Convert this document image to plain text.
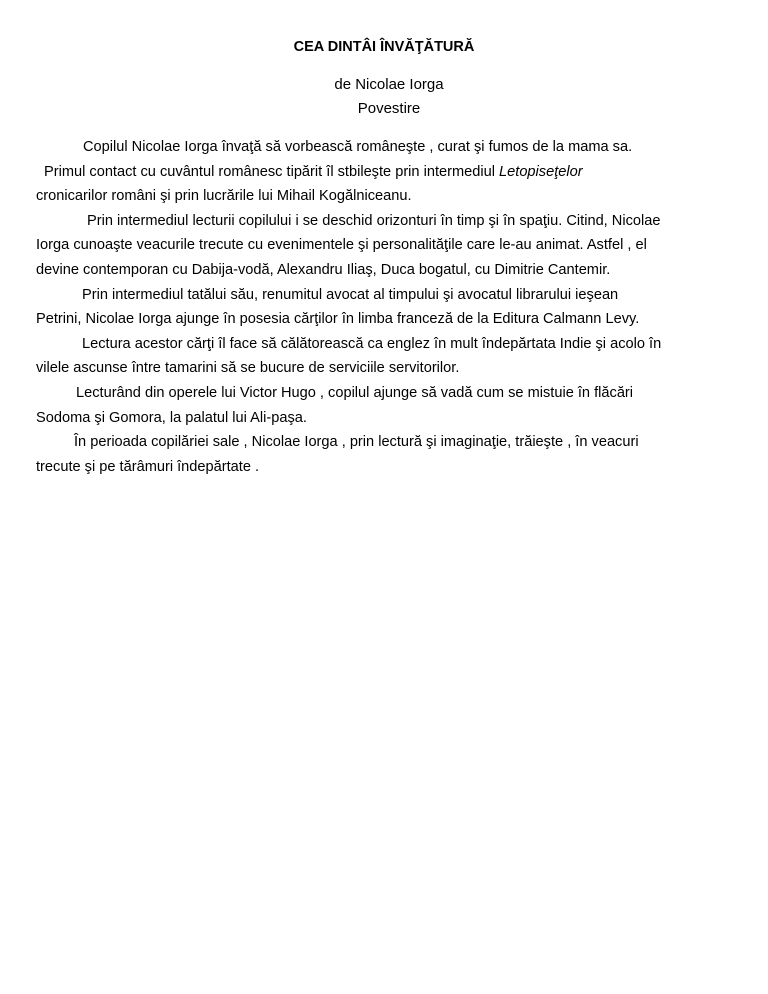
CEA DINTÂI ÎNVĂŢĂTURĂ
de Nicolae Iorga
Povestire
Copilul Nicolae Iorga învaţă să vorbească româneşte , curat şi fumos de la mama sa.
Primul contact cu cuvântul românesc tipărit îl stbileşte prin intermediul Letopiseţelor
cronicarilor români şi prin lucrările lui Mihail Kogălniceanu.
Prin intermediul lecturii copilului i se deschid orizonturi în timp şi în spaţiu. Citind, Nicolae
Iorga cunoaşte veacurile trecute cu evenimentele şi personalităţile care le-au animat. Astfel , el
devine contemporan cu Dabija-vodă, Alexandru Iliaş, Duca bogatul, cu Dimitrie Cantemir.
Prin intermediul tatălui său, renumitul avocat al timpului şi avocatul librarului ieşean
Petrini, Nicolae Iorga ajunge în posesia cărţilor în limba franceză de la Editura Calmann Levy.
Lectura acestor cărţi îl face să călătorească ca englez în mult îndepărtata Indie şi acolo în
vilele ascunse între tamarini să se bucure de serviciile servitorilor.
Lecturând din operele lui Victor Hugo , copilul ajunge să vadă cum se mistuie în flăcări
Sodoma şi Gomora, la palatul lui Ali-paşa.
În perioada copilăriei sale , Nicolae Iorga , prin lectură şi imaginaţie, trăieşte , în veacuri
trecute şi pe tărâmuri îndepărtate .
